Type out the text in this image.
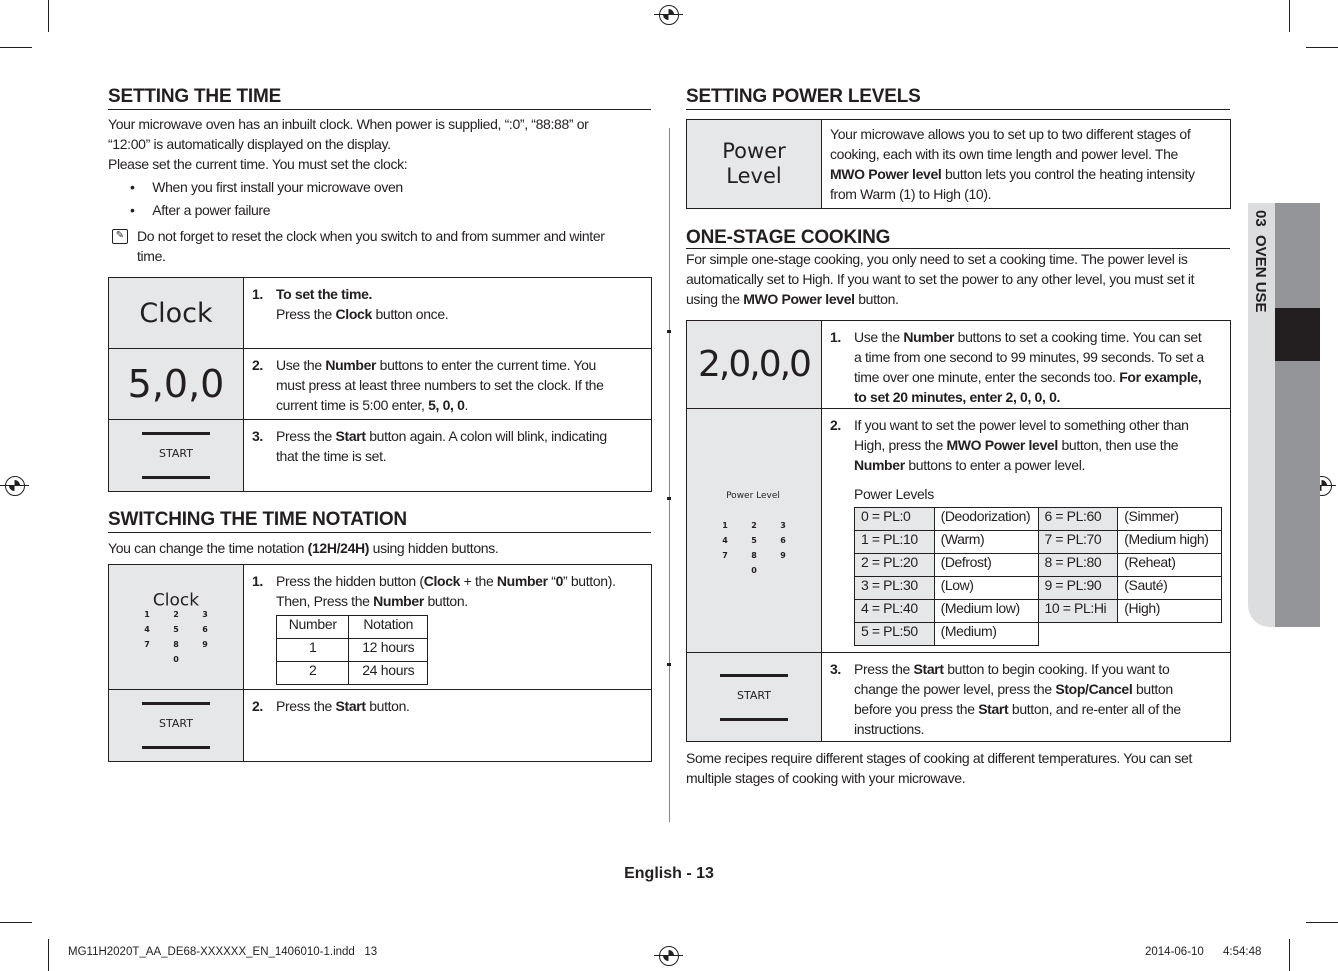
03  OVEN USE
SETTING THE TIME
Your microwave oven has an inbuilt clock. When power is supplied, “:0”, “88:88” or
“12:00” is automatically displayed on the display.
Please set the current time. You must set the clock:
•     When you first install your microwave oven
•     After a power failure
✎ Do not forget to reset the clock when you switch to and from summer and winter
time.
Clock	1. To set the time.
Press the Clock button once.

5,0,0	2. Use the Number buttons to enter the current time. You
must press at least three numbers to set the clock. If the
current time is 5:00 enter, 5, 0, 0.

START	3. Press the Start button again. A colon will blink, indicating
that the time is set.
SWITCHING THE TIME NOTATION
You can change the time notation (12H/24H) using hidden buttons.
Clock
1	2	3
4	5	6
7	8	9
0

1. Press the hidden button (Clock + the Number “0” button).
Then, Press the Number button.
Number	Notation
1	12 hours
2	24 hours

START

2. Press the Start button.
SETTING POWER LEVELS
Power
Level

Your microwave allows you to set up to two different stages of
cooking, each with its own time length and power level. The
MWO Power level button lets you control the heating intensity
from Warm (1) to High (10).
ONE-STAGE COOKING
For simple one-stage cooking, you only need to set a cooking time. The power level is
automatically set to High. If you want to set the power to any other level, you must set it
using the MWO Power level button.
2,0,0,0	
1. Use the Number buttons to set a cooking time. You can set
a time from one second to 99 minutes, 99 seconds. To set a
time over one minute, enter the seconds too. For example,
to set 20 minutes, enter 2, 0, 0, 0.

Power Level
1	2	3
4	5	6
7	8	9
0

2. If you want to set the power level to something other than
High, press the MWO Power level button, then use the
Number buttons to enter a power level.
Power Levels
0 = PL:0	(Deodorization)	6 = PL:60	(Simmer)
1 = PL:10	(Warm)	7 = PL:70	(Medium high)
2 = PL:20	(Defrost)	8 = PL:80	(Reheat)
3 = PL:30	(Low)	9 = PL:90	(Sauté)
4 = PL:40	(Medium low)	10 = PL:Hi	(High)
5 = PL:50	(Medium)		

START

3. Press the Start button to begin cooking. If you want to
change the power level, press the Stop/Cancel button
before you press the Start button, and re-enter all of the
instructions.
Some recipes require different stages of cooking at different temperatures. You can set
multiple stages of cooking with your microwave.
English - 13
MG11H2020T_AA_DE68-XXXXXX_EN_1406010-1.indd   13	2014-06-10      4:54:48
